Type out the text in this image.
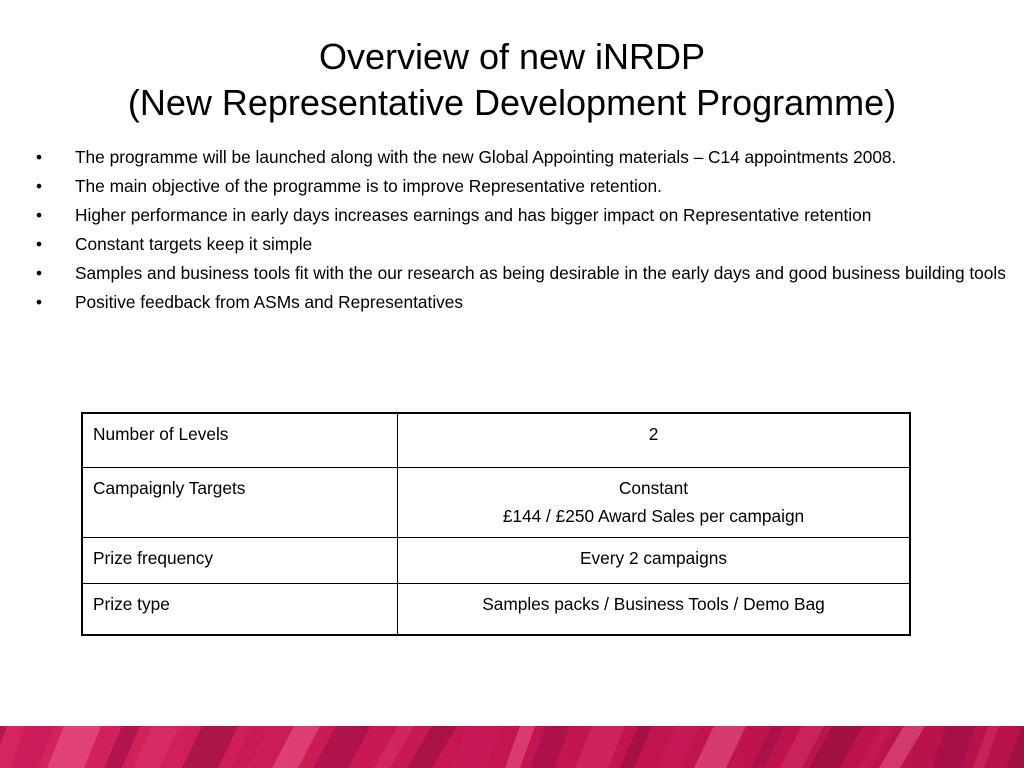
Overview of new iNRDP
(New Representative Development Programme)
• The programme will be launched along with the new Global Appointing materials – C14 appointments 2008.
• The main objective of the programme is to improve Representative retention.
• Higher performance in early days increases earnings and has bigger impact on Representative retention
• Constant targets keep it simple
• Samples and business tools fit with the our research as being desirable in the early days and good business building tools
• Positive feedback from ASMs and Representatives
Number of Levels	2
Campaignly Targets	Constant
£144 / £250 Award Sales per campaign

Prize frequency	Every 2 campaigns
Prize type	Samples packs / Business Tools / Demo Bag
